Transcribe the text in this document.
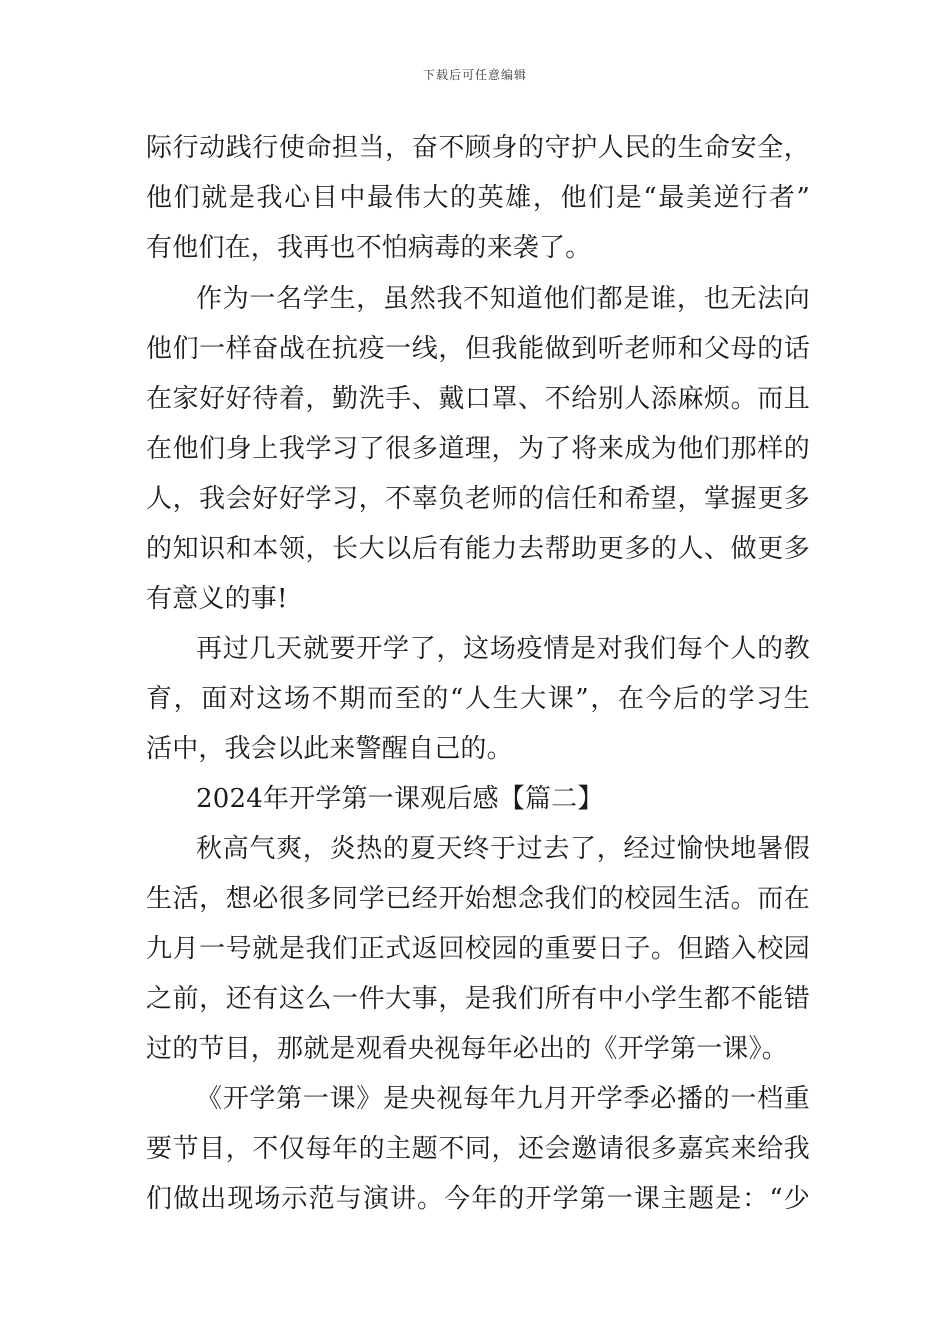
下载后可任意编辑
际行动践行使命担当，奋不顾身的守护人民的生命安全，
他们就是我心目中最伟大的英雄，他们是“最美逆行者”
有他们在，我再也不怕病毒的来袭了。
作为一名学生，虽然我不知道他们都是谁，也无法向
他们一样奋战在抗疫一线，但我能做到听老师和父母的话
在家好好待着，勤洗手、戴口罩、不给别人添麻烦。而且
在他们身上我学习了很多道理，为了将来成为他们那样的
人，我会好好学习，不辜负老师的信任和希望，掌握更多
的知识和本领，长大以后有能力去帮助更多的人、做更多
有意义的事!
再过几天就要开学了，这场疫情是对我们每个人的教
育，面对这场不期而至的“人生大课”，在今后的学习生
活中，我会以此来警醒自己的。
2024年开学第一课观后感【篇二】
秋高气爽，炎热的夏天终于过去了，经过愉快地暑假
生活，想必很多同学已经开始想念我们的校园生活。而在
九月一号就是我们正式返回校园的重要日子。但踏入校园
之前，还有这么一件大事，是我们所有中小学生都不能错
过的节目，那就是观看央视每年必出的《开学第一课》。
《开学第一课》是央视每年九月开学季必播的一档重
要节目，不仅每年的主题不同，还会邀请很多嘉宾来给我
们做出现场示范与演讲。今年的开学第一课主题是：“少
